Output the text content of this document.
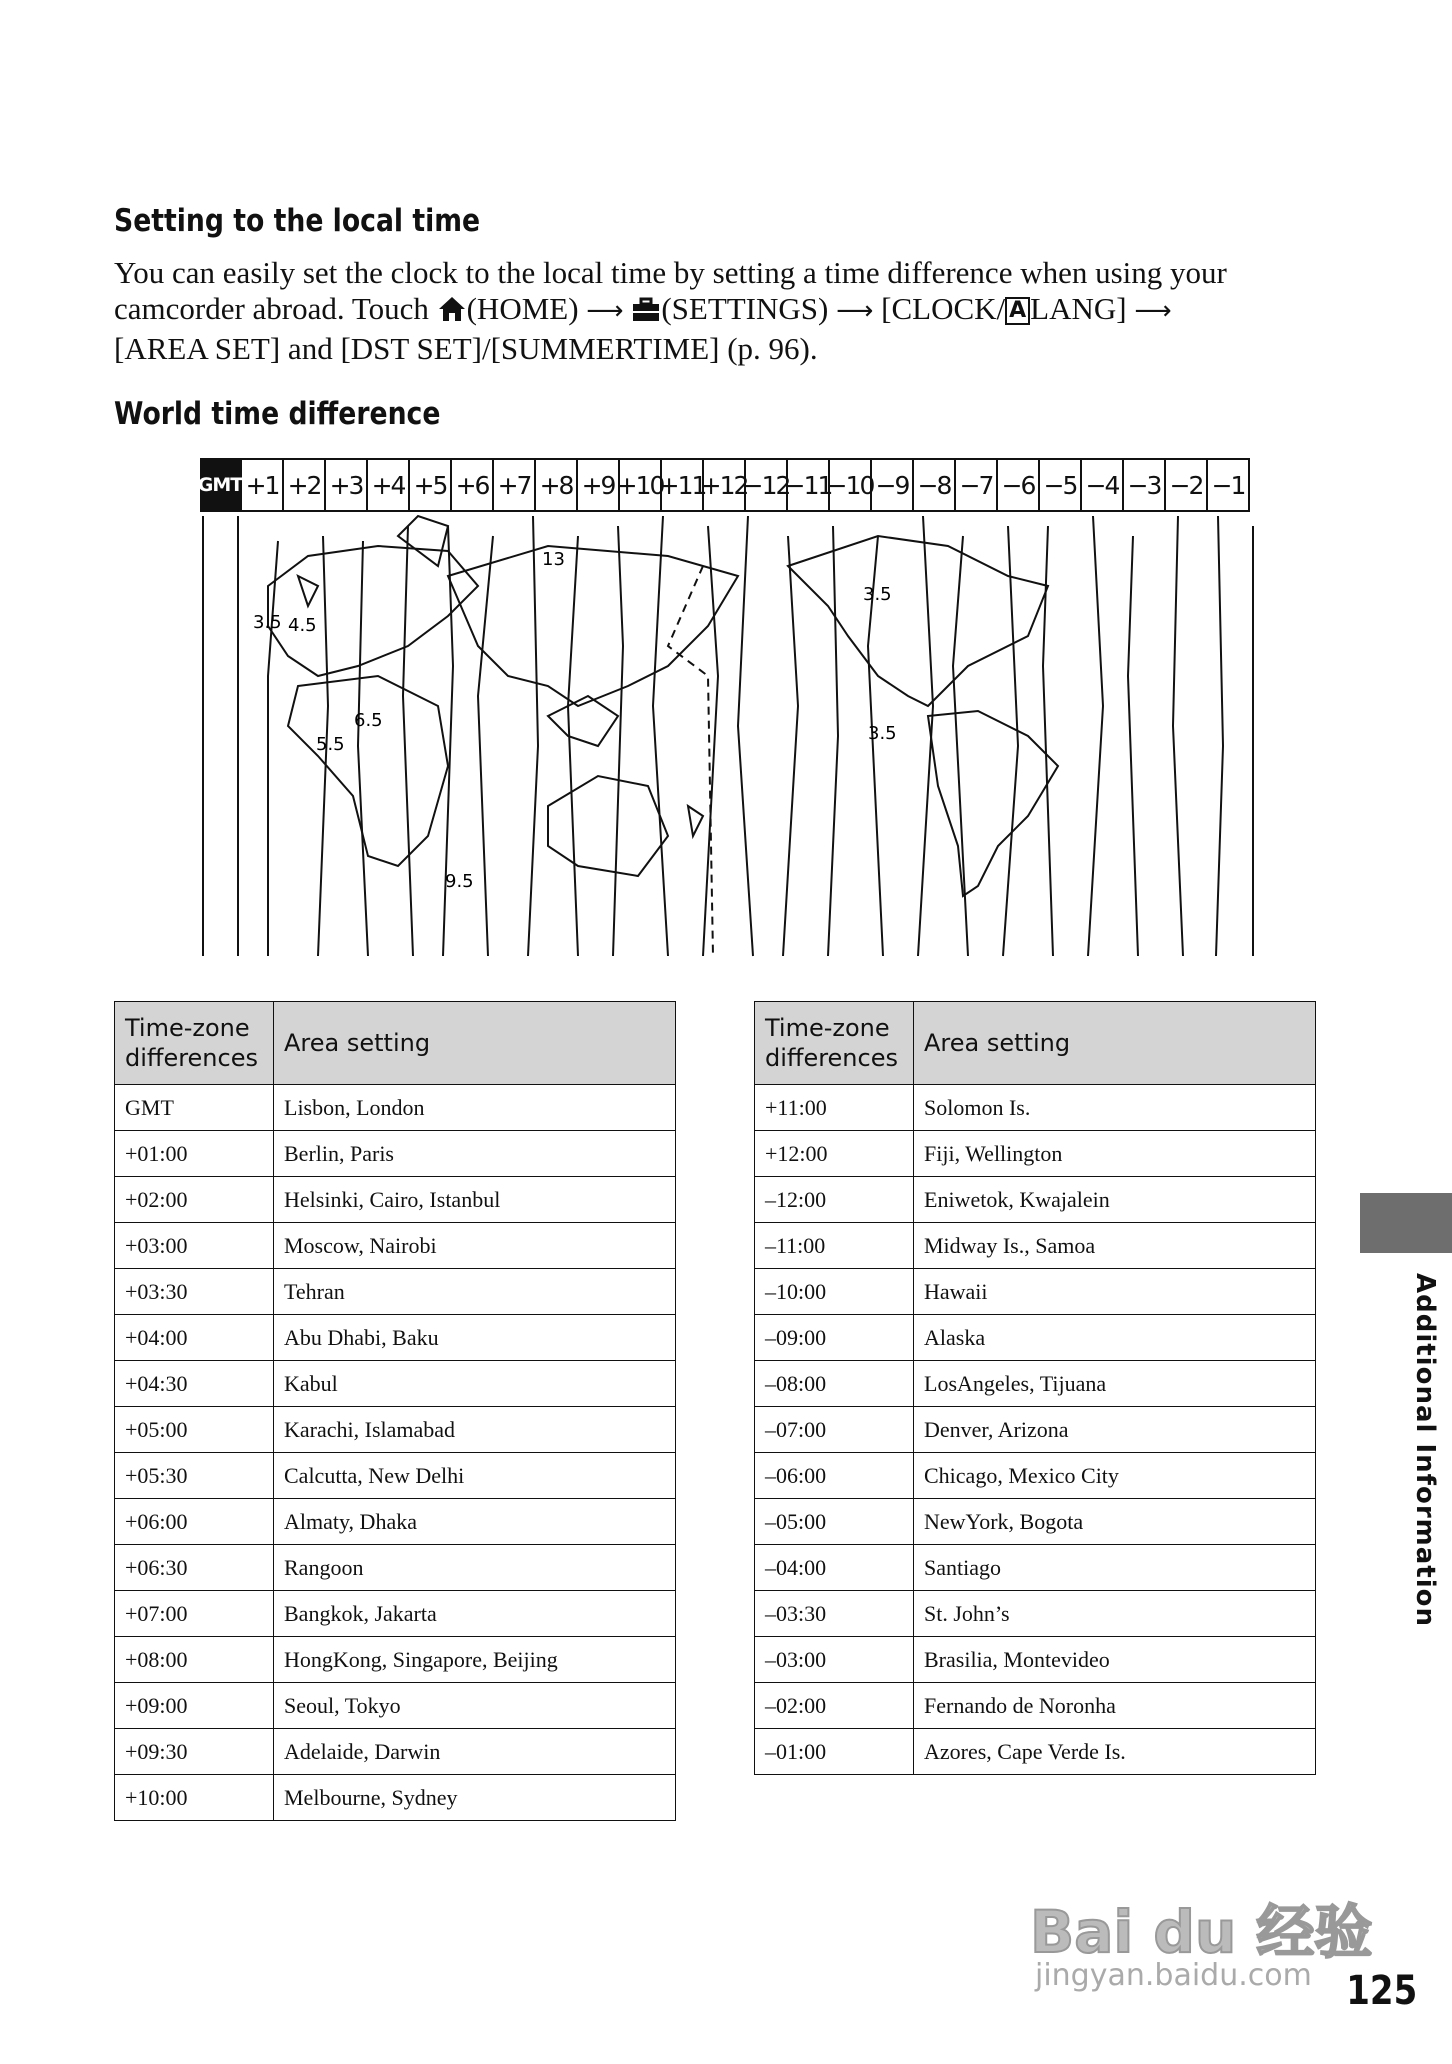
Setting to the local time
You can easily set the clock to the local time by setting a time difference when using your
camcorder abroad. Touch (HOME) ⟶ (SETTINGS) ⟶ [CLOCK/ A LANG] ⟶
[AREA SET] and [DST SET]/[SUMMERTIME] (p. 96).
World time difference
13
3.5 4.5
3.5
6.5
5.5
3.5
9.5
GMT +1 +2 +3 +4 +5 +6 +7 +8 +9 +10
+11
+12
−12
−11
−10 −9 −8 −7 −6 −5 −4 −3 −2 −1
Time-zone differences	Area setting
GMT	Lisbon, London
+01:00	Berlin, Paris
+02:00	Helsinki, Cairo, Istanbul
+03:00	Moscow, Nairobi
+03:30	Tehran
+04:00	Abu Dhabi, Baku
+04:30	Kabul
+05:00	Karachi, Islamabad
+05:30	Calcutta, New Delhi
+06:00	Almaty, Dhaka
+06:30	Rangoon
+07:00	Bangkok, Jakarta
+08:00	HongKong, Singapore, Beijing
+09:00	Seoul, Tokyo
+09:30	Adelaide, Darwin
+10:00	Melbourne, Sydney
Time-zone differences	Area setting
+11:00	Solomon Is.
+12:00	Fiji, Wellington
–12:00	Eniwetok, Kwajalein
–11:00	Midway Is., Samoa
–10:00	Hawaii
–09:00	Alaska
–08:00	LosAngeles, Tijuana
–07:00	Denver, Arizona
–06:00	Chicago, Mexico City
–05:00	NewYork, Bogota
–04:00	Santiago
–03:30	St. John’s
–03:00	Brasilia, Montevideo
–02:00	Fernando de Noronha
–01:00	Azores, Cape Verde Is.
Additional Information
Bai du 经验
jingyan.baidu.com 125
